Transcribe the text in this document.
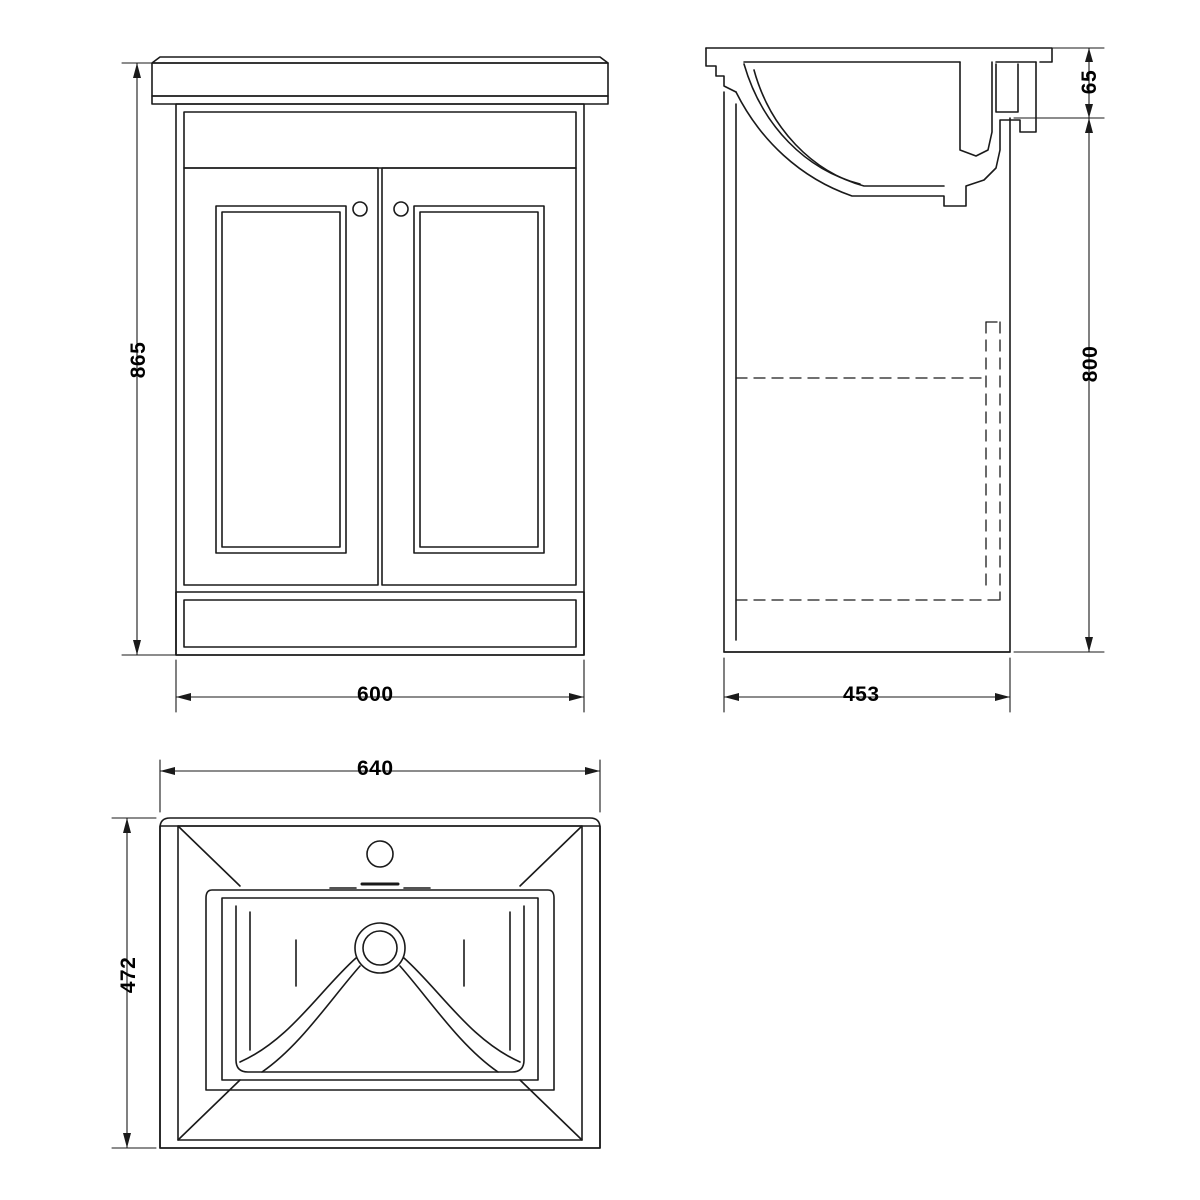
865
600
65
800
453
640
472
